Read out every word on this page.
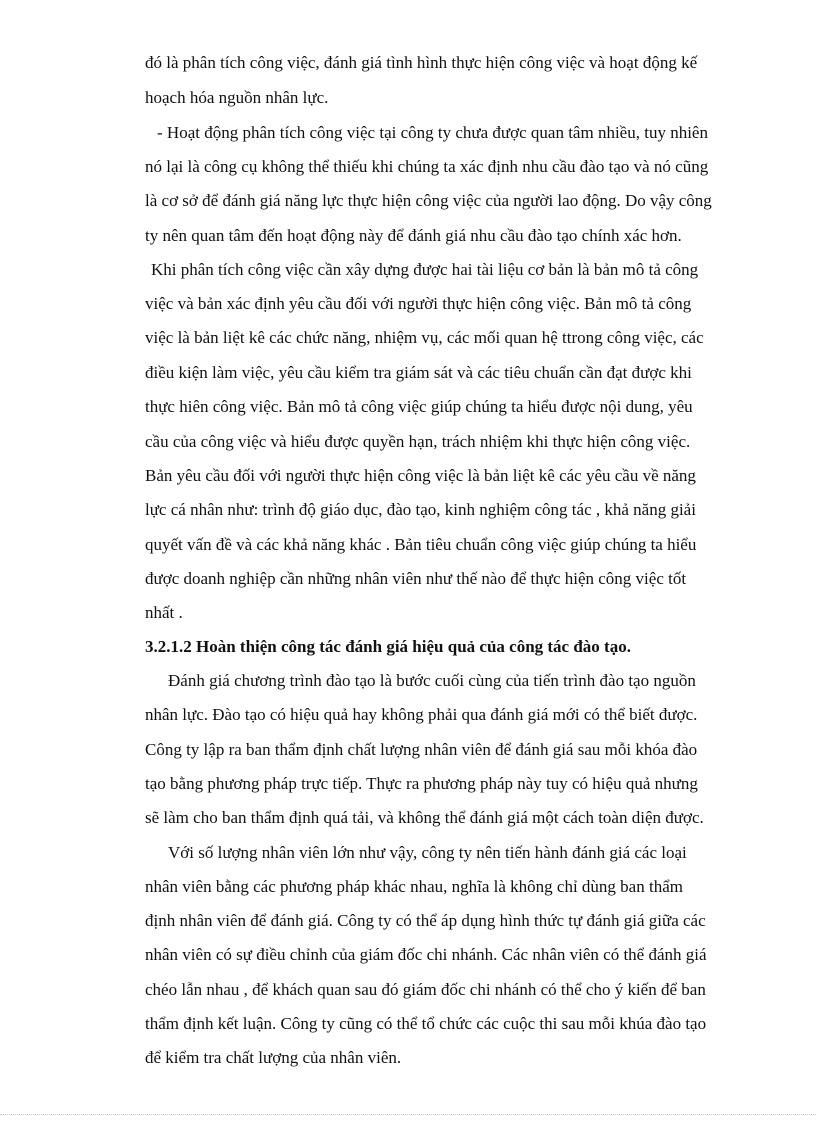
đó là phân tích công việc, đánh giá tình hình thực hiện công việc và hoạt động kế
hoạch hóa nguồn nhân lực.
- Hoạt động phân tích công việc tại công ty chưa được quan tâm nhiều, tuy nhiên
nó lại là công cụ không thể thiếu khi chúng ta xác định nhu cầu đào tạo và nó cũng
là cơ sở để đánh giá năng lực thực hiện công việc của người lao động. Do vậy công
ty nên quan tâm đến hoạt động này để đánh giá nhu cầu đào tạo chính xác hơn.
Khi phân tích công việc cần xây dựng được hai tài liệu cơ bản là bản mô tả công
việc và bản xác định yêu cầu đối với người thực hiện công việc. Bản mô tả công
việc là bản liệt kê các chức năng, nhiệm vụ, các mối quan hệ ttrong công việc, các
điều kiện làm việc, yêu cầu kiểm tra giám sát và các tiêu chuẩn cần đạt được khi
thực hiên công việc. Bản mô tả công việc giúp chúng ta hiểu được nội dung, yêu
cầu của công việc và hiểu được quyền hạn, trách nhiệm khi thực hiện công việc.
Bản yêu cầu đối với người thực hiện công việc là bản liệt kê các yêu cầu về năng
lực cá nhân như: trình độ giáo dục, đào tạo, kinh nghiệm công tác , khả năng giải
quyết vấn đề và các khả năng khác . Bản tiêu chuẩn công việc giúp chúng ta hiểu
được doanh nghiệp cần những nhân viên như thế nào để thực hiện công việc tốt
nhất .
3.2.1.2 Hoàn thiện công tác đánh giá hiệu quả của công tác đào tạo.
Đánh giá chương trình đào tạo là bước cuối cùng của tiến trình đào tạo nguồn
nhân lực. Đào tạo có hiệu quả hay không phải qua đánh giá mới có thể biết được.
Công ty lập ra ban thẩm định chất lượng nhân viên để đánh giá sau mỗi khóa đào
tạo bằng phương pháp trực tiếp. Thực ra phương pháp này tuy có hiệu quả nhưng
sẽ làm cho ban thẩm định quá tải, và không thể đánh giá một cách toàn diện được.
Với số lượng nhân viên lớn như vậy, công ty nên tiến hành đánh giá các loại
nhân viên bằng các phương pháp khác nhau, nghĩa là không chỉ dùng ban thẩm
định nhân viên để đánh giá. Công ty có thể áp dụng hình thức tự đánh giá giữa các
nhân viên có sự điều chỉnh của giám đốc chi nhánh. Các nhân viên có thể đánh giá
chéo lẫn nhau , để khách quan sau đó giám đốc chi nhánh có thể cho ý kiến để ban
thẩm định kết luận. Công ty cũng có thể tổ chức các cuộc thi sau mỗi khúa đào tạo
để kiểm tra chất lượng của nhân viên.
